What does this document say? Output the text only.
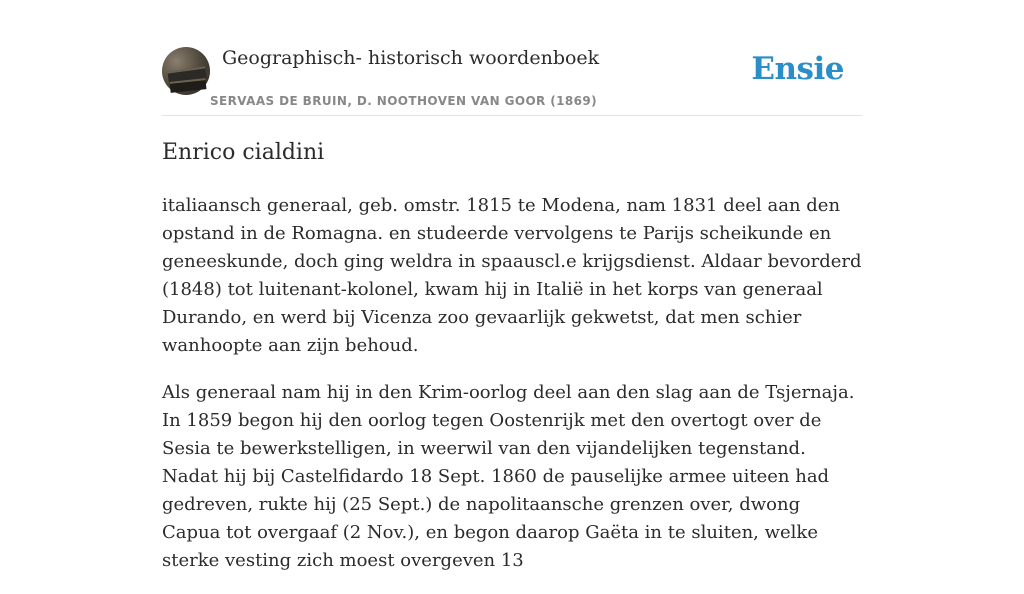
Geographisch- historisch woordenboek
SERVAAS DE BRUIN, D. NOOTHOVEN VAN GOOR (1869)
Ensie
Enrico cialdini

italiaansch generaal, geb. omstr. 1815 te Modena, nam 1831 deel aan den opstand in de Romagna. en studeerde vervolgens te Parijs scheikunde en geneeskunde, doch ging weldra in spaauscl.e krijgsdienst. Aldaar bevorderd (1848) tot luitenant-kolonel, kwam hij in Italië in het korps van generaal Durando, en werd bij Vicenza zoo gevaarlijk gekwetst, dat men schier wanhoopte aan zijn behoud.

Als generaal nam hij in den Krim-oorlog deel aan den slag aan de Tsjernaja. In 1859 begon hij den oorlog tegen Oostenrijk met den overtogt over de Sesia te bewerkstelligen, in weerwil van den vijandelijken tegenstand. Nadat hij bij Castelfidardo 18 Sept. 1860 de pauselijke armee uiteen had gedreven, rukte hij (25 Sept.) de napolitaansche grenzen over, dwong Capua tot overgaaf (2 Nov.), en begon daarop Gaëta in te sluiten, welke sterke vesting zich moest overgeven 13
